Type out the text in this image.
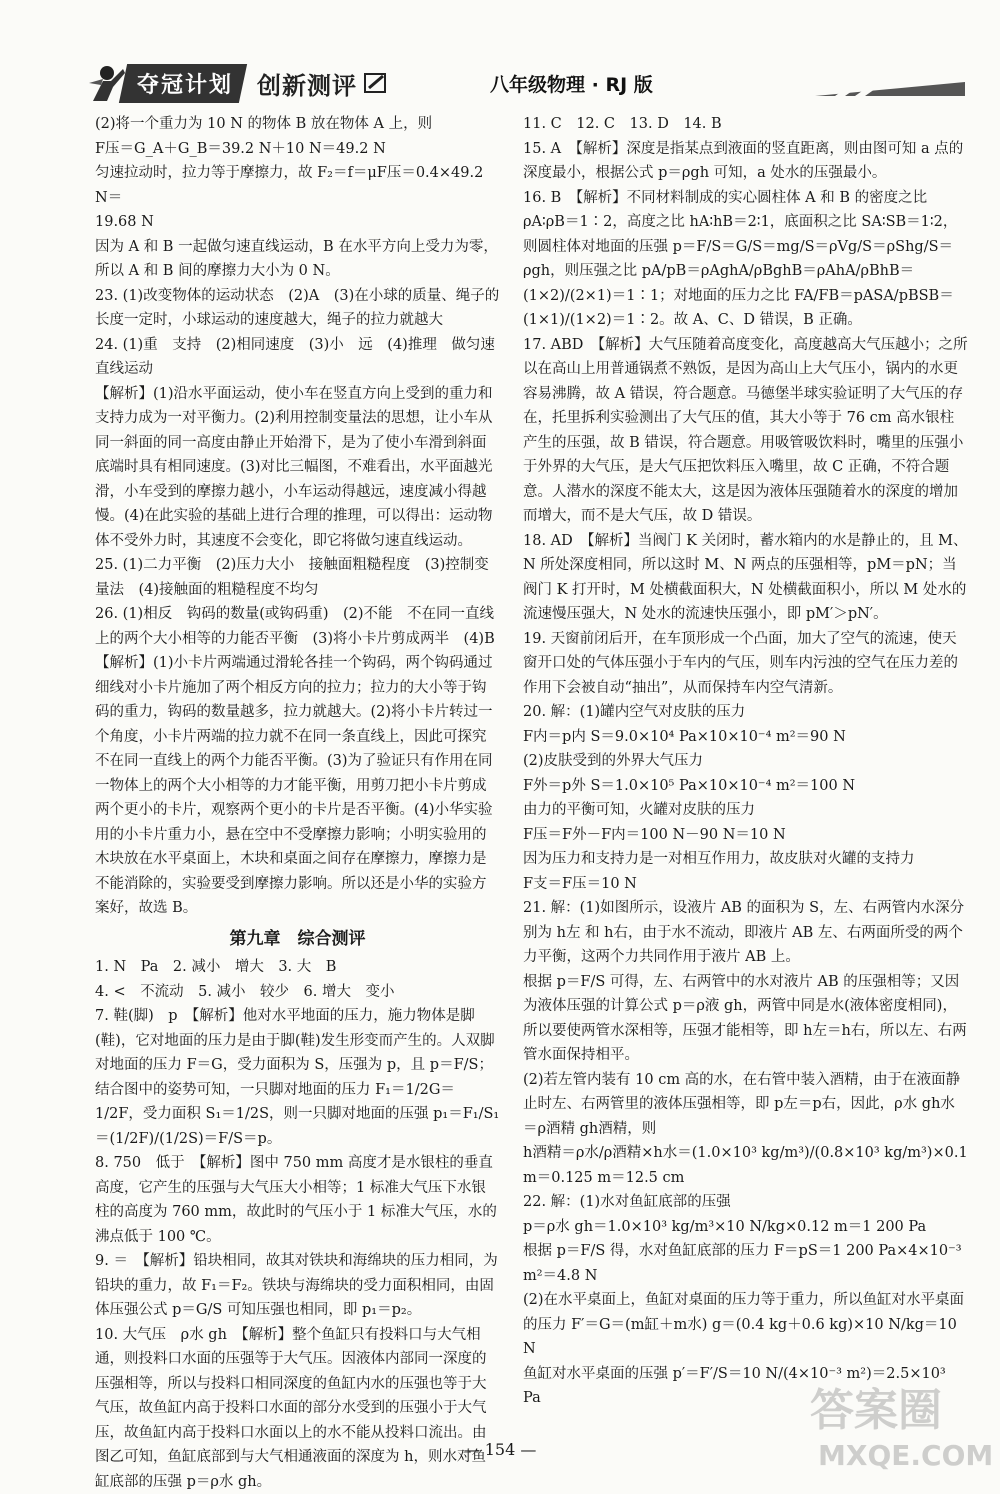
夺冠计划	创新测评	八年级物理 · RJ 版

(2)将一个重力为 10 N 的物体 B 放在物体 A 上，则

F压＝G_A＋G_B＝39.2 N＋10 N＝49.2 N

匀速拉动时，拉力等于摩擦力，故 F₂＝f＝μF压＝0.4×49.2 N＝

19.68 N

因为 A 和 B 一起做匀速直线运动，B 在水平方向上受力为零，所以 A 和 B 间的摩擦力大小为 0 N。

23. (1)改变物体的运动状态　(2)A　(3)在小球的质量、绳子的长度一定时，小球运动的速度越大，绳子的拉力就越大

24. (1)重　支持　(2)相同速度　(3)小　远　(4)推理　做匀速直线运动

【解析】(1)沿水平面运动，使小车在竖直方向上受到的重力和支持力成为一对平衡力。(2)利用控制变量法的思想，让小车从同一斜面的同一高度由静止开始滑下，是为了使小车滑到斜面底端时具有相同速度。(3)对比三幅图，不难看出，水平面越光滑，小车受到的摩擦力越小，小车运动得越远，速度减小得越慢。(4)在此实验的基础上进行合理的推理，可以得出：运动物体不受外力时，其速度不会变化，即它将做匀速直线运动。

25. (1)二力平衡　(2)压力大小　接触面粗糙程度　(3)控制变量法　(4)接触面的粗糙程度不均匀

26. (1)相反　钩码的数量(或钩码重)　(2)不能　不在同一直线上的两个大小相等的力能否平衡　(3)将小卡片剪成两半　(4)B

【解析】(1)小卡片两端通过滑轮各挂一个钩码，两个钩码通过细线对小卡片施加了两个相反方向的拉力；拉力的大小等于钩码的重力，钩码的数量越多，拉力就越大。(2)将小卡片转过一个角度，小卡片两端的拉力就不在同一条直线上，因此可探究不在同一直线上的两个力能否平衡。(3)为了验证只有作用在同一物体上的两个大小相等的力才能平衡，用剪刀把小卡片剪成两个更小的卡片，观察两个更小的卡片是否平衡。(4)小华实验用的小卡片重力小，悬在空中不受摩擦力影响；小明实验用的木块放在水平桌面上，木块和桌面之间存在摩擦力，摩擦力是不能消除的，实验要受到摩擦力影响。所以还是小华的实验方案好，故选 B。

第九章　综合测评

1. N　Pa　2. 减小　增大　3. 大　B

4. <　不流动　5. 减小　较少　6. 增大　变小

7. 鞋(脚)　p　【解析】他对水平地面的压力，施力物体是脚(鞋)，它对地面的压力是由于脚(鞋)发生形变而产生的。人双脚对地面的压力 F＝G，受力面积为 S，压强为 p，且 p＝F/S；结合图中的姿势可知，一只脚对地面的压力 F₁＝1/2G＝1/2F，受力面积 S₁＝1/2S，则一只脚对地面的压强 p₁＝F₁/S₁＝(1/2F)/(1/2S)＝F/S＝p。

8. 750　低于　【解析】图中 750 mm 高度才是水银柱的垂直高度，它产生的压强与大气压大小相等；1 标准大气压下水银柱的高度为 760 mm，故此时的气压小于 1 标准大气压，水的沸点低于 100 ℃。

9. ＝　【解析】铅块相同，故其对铁块和海绵块的压力相同，为铅块的重力，故 F₁＝F₂。铁块与海绵块的受力面积相同，由固体压强公式 p＝G/S 可知压强也相同，即 p₁＝p₂。

10. 大气压　ρ水 gh　【解析】整个鱼缸只有投料口与大气相通，则投料口水面的压强等于大气压。因液体内部同一深度的压强相等，所以与投料口相同深度的鱼缸内水的压强也等于大气压，故鱼缸内高于投料口水面的部分水受到的压强小于大气压，故鱼缸内高于投料口水面以上的水不能从投料口流出。由图乙可知，鱼缸底部到与大气相通液面的深度为 h，则水对鱼缸底部的压强 p＝ρ水 gh。

11. C　12. C　13. D　14. B

15. A　【解析】深度是指某点到液面的竖直距离，则由图可知 a 点的深度最小，根据公式 p＝ρgh 可知，a 处水的压强最小。

16. B　【解析】不同材料制成的实心圆柱体 A 和 B 的密度之比 ρA∶ρB＝1∶2，高度之比 hA∶hB＝2∶1，底面积之比 SA∶SB＝1∶2，则圆柱体对地面的压强 p＝F/S＝G/S＝mg/S＝ρVg/S＝ρShg/S＝ρgh，则压强之比 pA/pB＝ρAghA/ρBghB＝ρAhA/ρBhB＝(1×2)/(2×1)＝1∶1；对地面的压力之比 FA/FB＝pASA/pBSB＝(1×1)/(1×2)＝1∶2。故 A、C、D 错误，B 正确。

17. ABD　【解析】大气压随着高度变化，高度越高大气压越小；之所以在高山上用普通锅煮不熟饭，是因为高山上大气压小，锅内的水更容易沸腾，故 A 错误，符合题意。马德堡半球实验证明了大气压的存在，托里拆利实验测出了大气压的值，其大小等于 76 cm 高水银柱产生的压强，故 B 错误，符合题意。用吸管吸饮料时，嘴里的压强小于外界的大气压，是大气压把饮料压入嘴里，故 C 正确，不符合题意。人潜水的深度不能太大，这是因为液体压强随着水的深度的增加而增大，而不是大气压，故 D 错误。

18. AD　【解析】当阀门 K 关闭时，蓄水箱内的水是静止的，且 M、N 所处深度相同，所以这时 M、N 两点的压强相等，pM＝pN；当阀门 K 打开时，M 处横截面积大，N 处横截面积小，所以 M 处水的流速慢压强大，N 处水的流速快压强小，即 pM′＞pN′。

19. 天窗前闭后开，在车顶形成一个凸面，加大了空气的流速，使天窗开口处的气体压强小于车内的气压，则车内污浊的空气在压力差的作用下会被自动“抽出”，从而保持车内空气清新。

20. 解：(1)罐内空气对皮肤的压力

F内＝p内 S＝9.0×10⁴ Pa×10×10⁻⁴ m²＝90 N

(2)皮肤受到的外界大气压力

F外＝p外 S＝1.0×10⁵ Pa×10×10⁻⁴ m²＝100 N

由力的平衡可知，火罐对皮肤的压力

F压＝F外－F内＝100 N－90 N＝10 N

因为压力和支持力是一对相互作用力，故皮肤对火罐的支持力

F支＝F压＝10 N

21. 解：(1)如图所示，设液片 AB 的面积为 S，左、右两管内水深分别为 h左 和 h右，由于水不流动，即液片 AB 左、右两面所受的两个力平衡，这两个力共同作用于液片 AB 上。

根据 p＝F/S 可得，左、右两管中的水对液片 AB 的压强相等；又因为液体压强的计算公式 p＝ρ液 gh，两管中同是水(液体密度相同)，所以要使两管水深相等，压强才能相等，即 h左＝h右，所以左、右两管水面保持相平。

(2)若左管内装有 10 cm 高的水，在右管中装入酒精，由于在液面静止时左、右两管里的液体压强相等，即 p左＝p右，因此，ρ水 gh水＝ρ酒精 gh酒精，则

h酒精＝ρ水/ρ酒精×h水＝(1.0×10³ kg/m³)/(0.8×10³ kg/m³)×0.1 m＝0.125 m＝12.5 cm

22. 解：(1)水对鱼缸底部的压强

p＝ρ水 gh＝1.0×10³ kg/m³×10 N/kg×0.12 m＝1 200 Pa

根据 p＝F/S 得，水对鱼缸底部的压力 F＝pS＝1 200 Pa×4×10⁻³ m²＝4.8 N

(2)在水平桌面上，鱼缸对桌面的压力等于重力，所以鱼缸对水平桌面的压力 F′＝G＝(m缸＋m水) g＝(0.4 kg＋0.6 kg)×10 N/kg＝10 N

鱼缸对水平桌面的压强 p′＝F′/S＝10 N/(4×10⁻³ m²)＝2.5×10³ Pa

— 154 —
答案圈
MXQE.COM
